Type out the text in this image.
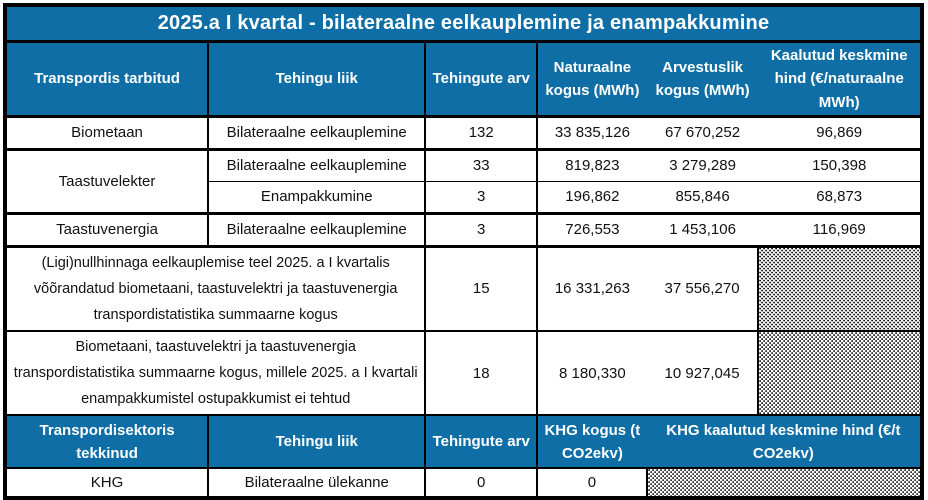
2025.a I kvartal - bilateraalne eelkauplemine ja enampakkumine					
Transpordis tarbitud	Tehingu liik	Tehingute arv	Naturaalne kogus (MWh)	Arvestuslik kogus (MWh)	Kaalutud keskmine hind (€/naturaalne MWh)
Biometaan	Bilateraalne eelkauplemine	132	33 835,126	67 670,252	96,869
Taastuvelekter	Bilateraalne eelkauplemine	33	819,823	3 279,289	150,398
	Enampakkumine	3	196,862	855,846	68,873
Taastuvenergia	Bilateraalne eelkauplemine	3	726,553	1 453,106	116,969
(Ligi)nullhinnaga eelkauplemise teel 2025. a I kvartalis võõrandatud biometaani, taastuvelektri ja taastuvenergia transpordistatistika summaarne kogus		15	16 331,263	37 556,270	
Biometaani, taastuvelektri ja taastuvenergia transpordistatistika summaarne kogus, millele 2025. a I kvartali enampakkumistel ostupakkumist ei tehtud		18	8 180,330	10 927,045	
Transpordisektoris tekkinud	Tehingu liik	Tehingute arv	KHG kogus (t CO2ekv)	KHG kaalutud keskmine hind (€/t CO2ekv)	
KHG	Bilateraalne ülekanne	0	0		
